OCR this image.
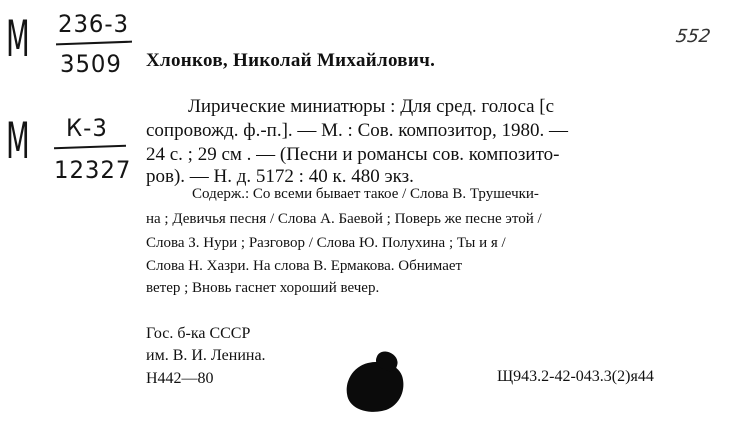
М 236-3
3509
М К-3
12327
552
Хлонков, Николай Михайлович.
Лирические миниатюры : Для сред. голоса [с
сопровожд. ф.-п.]. — М. : Сов. композитор, 1980. —
24 с. ; 29 см . — (Песни и романсы сов. композито-
ров). — Н. д. 5172 : 40 к. 480 экз.
Содерж.: Со всеми бывает такое / Слова В. Трушечки-
на ; Девичья песня / Слова А. Баевой ; Поверь же песне этой /
Слова З. Нури ; Разговор / Слова Ю. Полухина ; Ты и я /
Слова Н. Хазри. На слова В. Ермакова. Обнимает
ветер ; Вновь гаснет хороший вечер.
Гос. б-ка СССР
им. В. И. Ленина.
Н442—80	Щ943.2-42-043.3(2)я44
